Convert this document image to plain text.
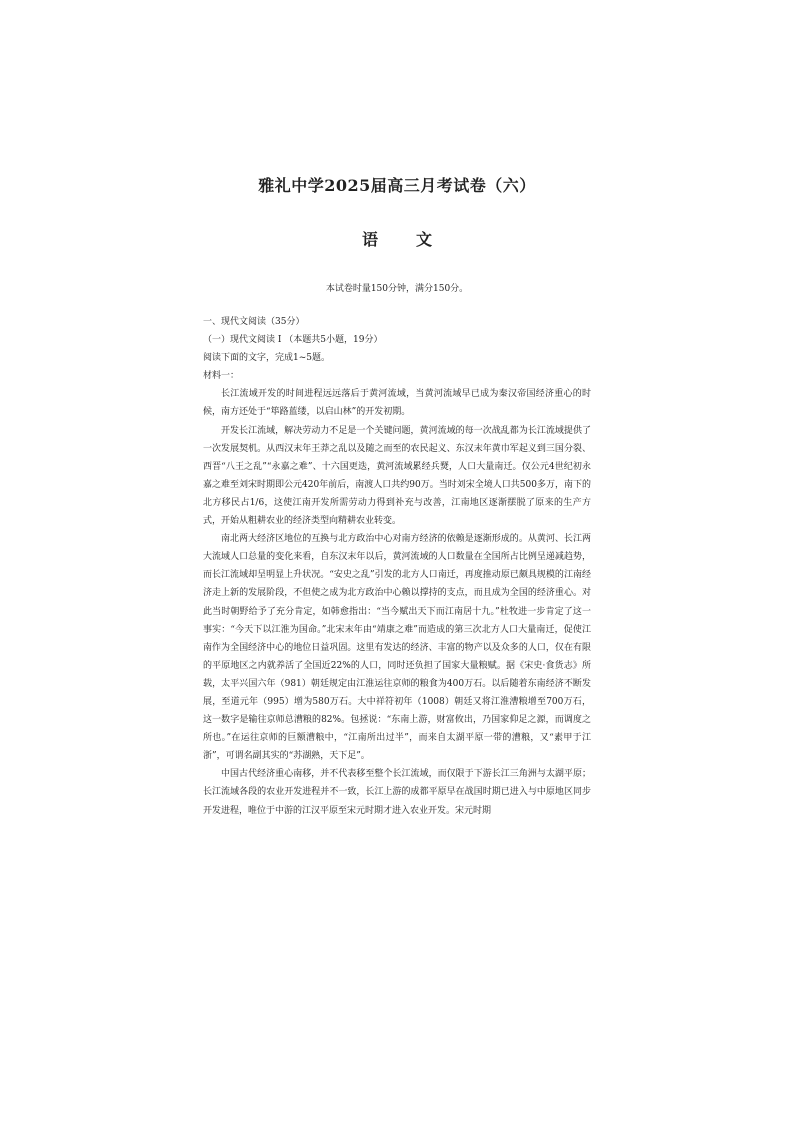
雅礼中学2025届高三月考试卷（六）
语 文
本试卷时量150分钟，满分150分。

一、现代文阅读（35分）

（一）现代文阅读 Ⅰ （本题共5小题，19分）

阅读下面的文字，完成1~5题。

材料一：

长江流域开发的时间进程远远落后于黄河流域，当黄河流域早已成为秦汉帝国经济重心的时候，南方还处于“筚路蓝缕，以启山林”的开发初期。

开发长江流域，解决劳动力不足是一个关键问题，黄河流域的每一次战乱都为长江流域提供了一次发展契机。从西汉末年王莽之乱以及随之而至的农民起义、东汉末年黄巾军起义到三国分裂、西晋“八王之乱”“永嘉之难”、十六国更迭，黄河流域累经兵燹，人口大量南迁。仅公元4世纪初永嘉之难至刘宋时期即公元420年前后，南渡人口共约90万。当时刘宋全境人口共500多万，南下的北方移民占1/6，这使江南开发所需劳动力得到补充与改善，江南地区逐渐摆脱了原来的生产方式，开始从粗耕农业的经济类型向精耕农业转变。

南北两大经济区地位的互换与北方政治中心对南方经济的依赖是逐渐形成的。从黄河、长江两大流域人口总量的变化来看，自东汉末年以后，黄河流域的人口数量在全国所占比例呈递减趋势，而长江流域却呈明显上升状况。“安史之乱”引发的北方人口南迁，再度推动原已颇具规模的江南经济走上新的发展阶段，不但使之成为北方政治中心赖以撑持的支点，而且成为全国的经济重心。对此当时朝野给予了充分肯定，如韩愈指出：“当今赋出天下而江南居十九。”杜牧进一步肯定了这一事实：“今天下以江淮为国命。”北宋末年由“靖康之难”而造成的第三次北方人口大量南迁，促使江南作为全国经济中心的地位日益巩固。这里有发达的经济、丰富的物产以及众多的人口，仅在有限的平原地区之内就养活了全国近22%的人口，同时还负担了国家大量粮赋。据《宋史·食货志》所载，太平兴国六年（981）朝廷规定由江淮运往京师的粮食为400万石。以后随着东南经济不断发展，至道元年（995）增为580万石。大中祥符初年（1008）朝廷又将江淮漕粮增至700万石，这一数字是输往京师总漕粮的82%。包拯说：“东南上游，财富攸出，乃国家仰足之源，而调度之所也。”在运往京师的巨额漕粮中，“江南所出过半”，而来自太湖平原一带的漕粮，又“素甲于江浙”，可谓名副其实的“苏湖熟，天下足”。

中国古代经济重心南移，并不代表移至整个长江流域，而仅限于下游长江三角洲与太湖平原；长江流域各段的农业开发进程并不一致，长江上游的成都平原早在战国时期已进入与中原地区同步开发进程，唯位于中游的江汉平原至宋元时期才进入农业开发。宋元时期
